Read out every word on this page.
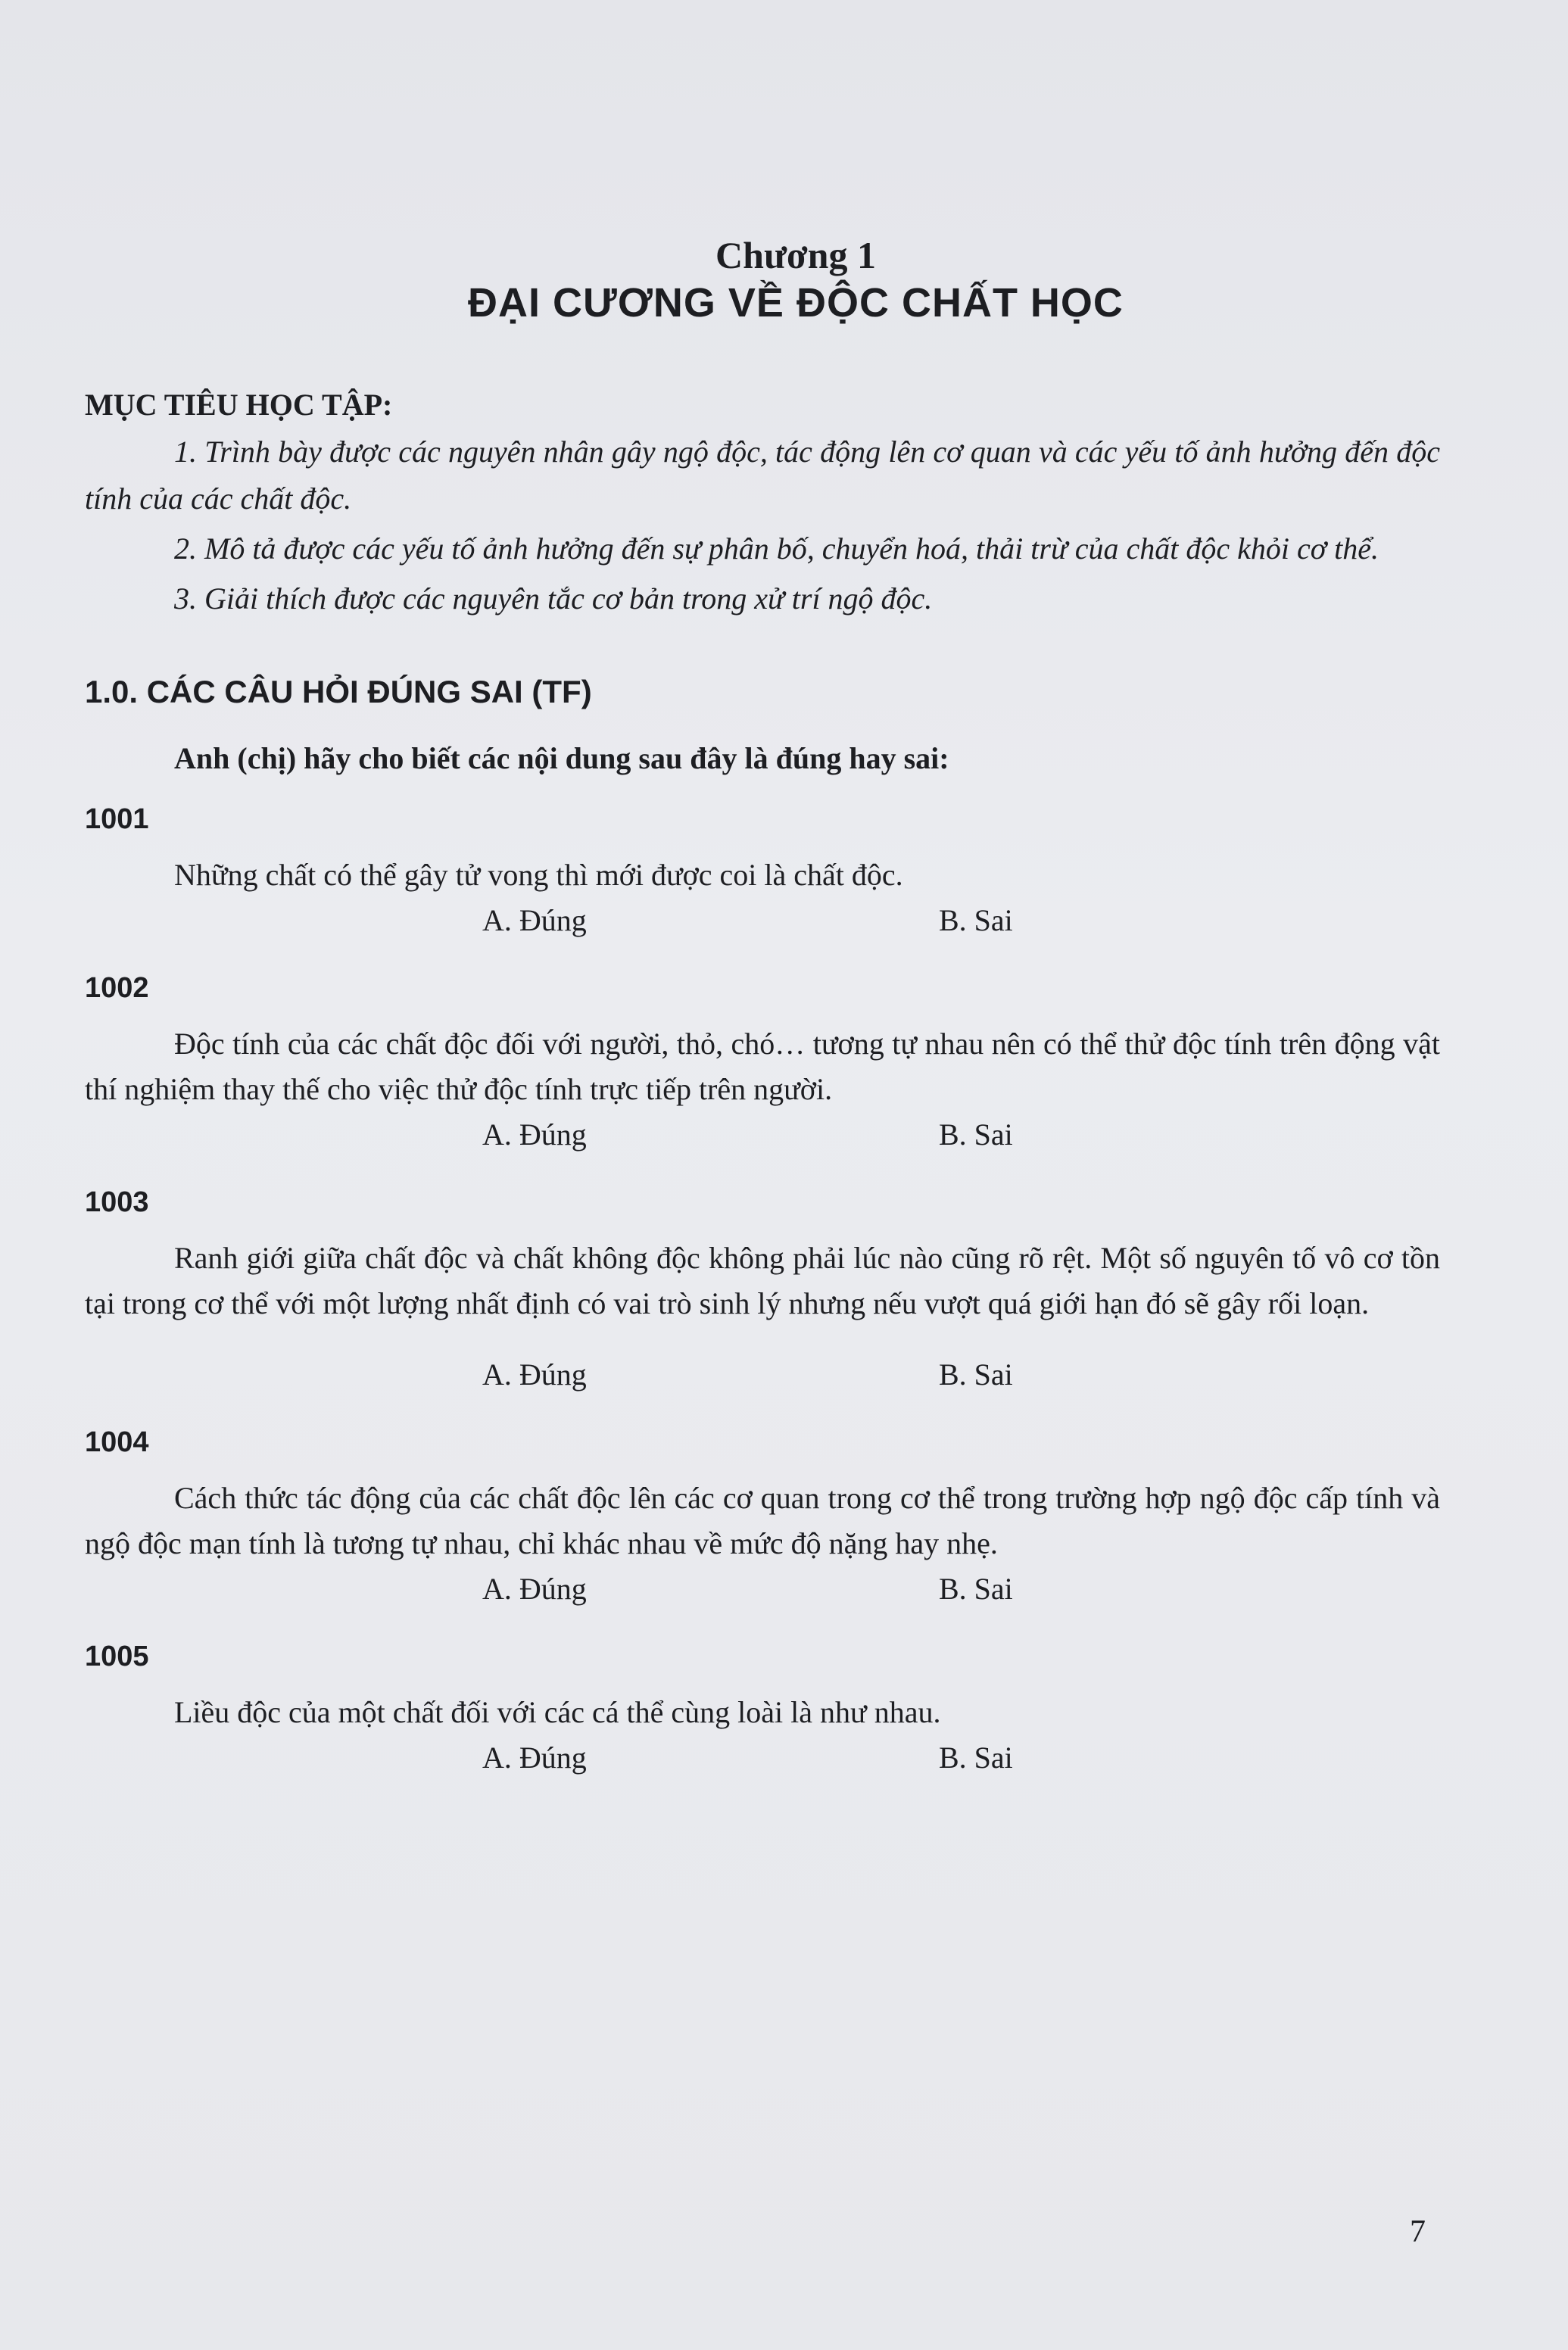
Chương 1
ĐẠI CƯƠNG VỀ ĐỘC CHẤT HỌC
MỤC TIÊU HỌC TẬP:
1. Trình bày được các nguyên nhân gây ngộ độc, tác động lên cơ quan và các yếu tố ảnh hưởng đến độc tính của các chất độc.
2. Mô tả được các yếu tố ảnh hưởng đến sự phân bố, chuyển hoá, thải trừ của chất độc khỏi cơ thể.
3. Giải thích được các nguyên tắc cơ bản trong xử trí ngộ độc.
1.0. CÁC CÂU HỎI ĐÚNG SAI (TF)
Anh (chị) hãy cho biết các nội dung sau đây là đúng hay sai:
1001
Những chất có thể gây tử vong thì mới được coi là chất độc.
A. Đúng	B. Sai
1002
Độc tính của các chất độc đối với người, thỏ, chó… tương tự nhau nên có thể thử độc tính trên động vật thí nghiệm thay thế cho việc thử độc tính trực tiếp trên người.
A. Đúng	B. Sai
1003
Ranh giới giữa chất độc và chất không độc không phải lúc nào cũng rõ rệt. Một số nguyên tố vô cơ tồn tại trong cơ thể với một lượng nhất định có vai trò sinh lý nhưng nếu vượt quá giới hạn đó sẽ gây rối loạn.
A. Đúng	B. Sai
1004
Cách thức tác động của các chất độc lên các cơ quan trong cơ thể trong trường hợp ngộ độc cấp tính và ngộ độc mạn tính là tương tự nhau, chỉ khác nhau về mức độ nặng hay nhẹ.
A. Đúng	B. Sai
1005
Liều độc của một chất đối với các cá thể cùng loài là như nhau.
A. Đúng	B. Sai
7
